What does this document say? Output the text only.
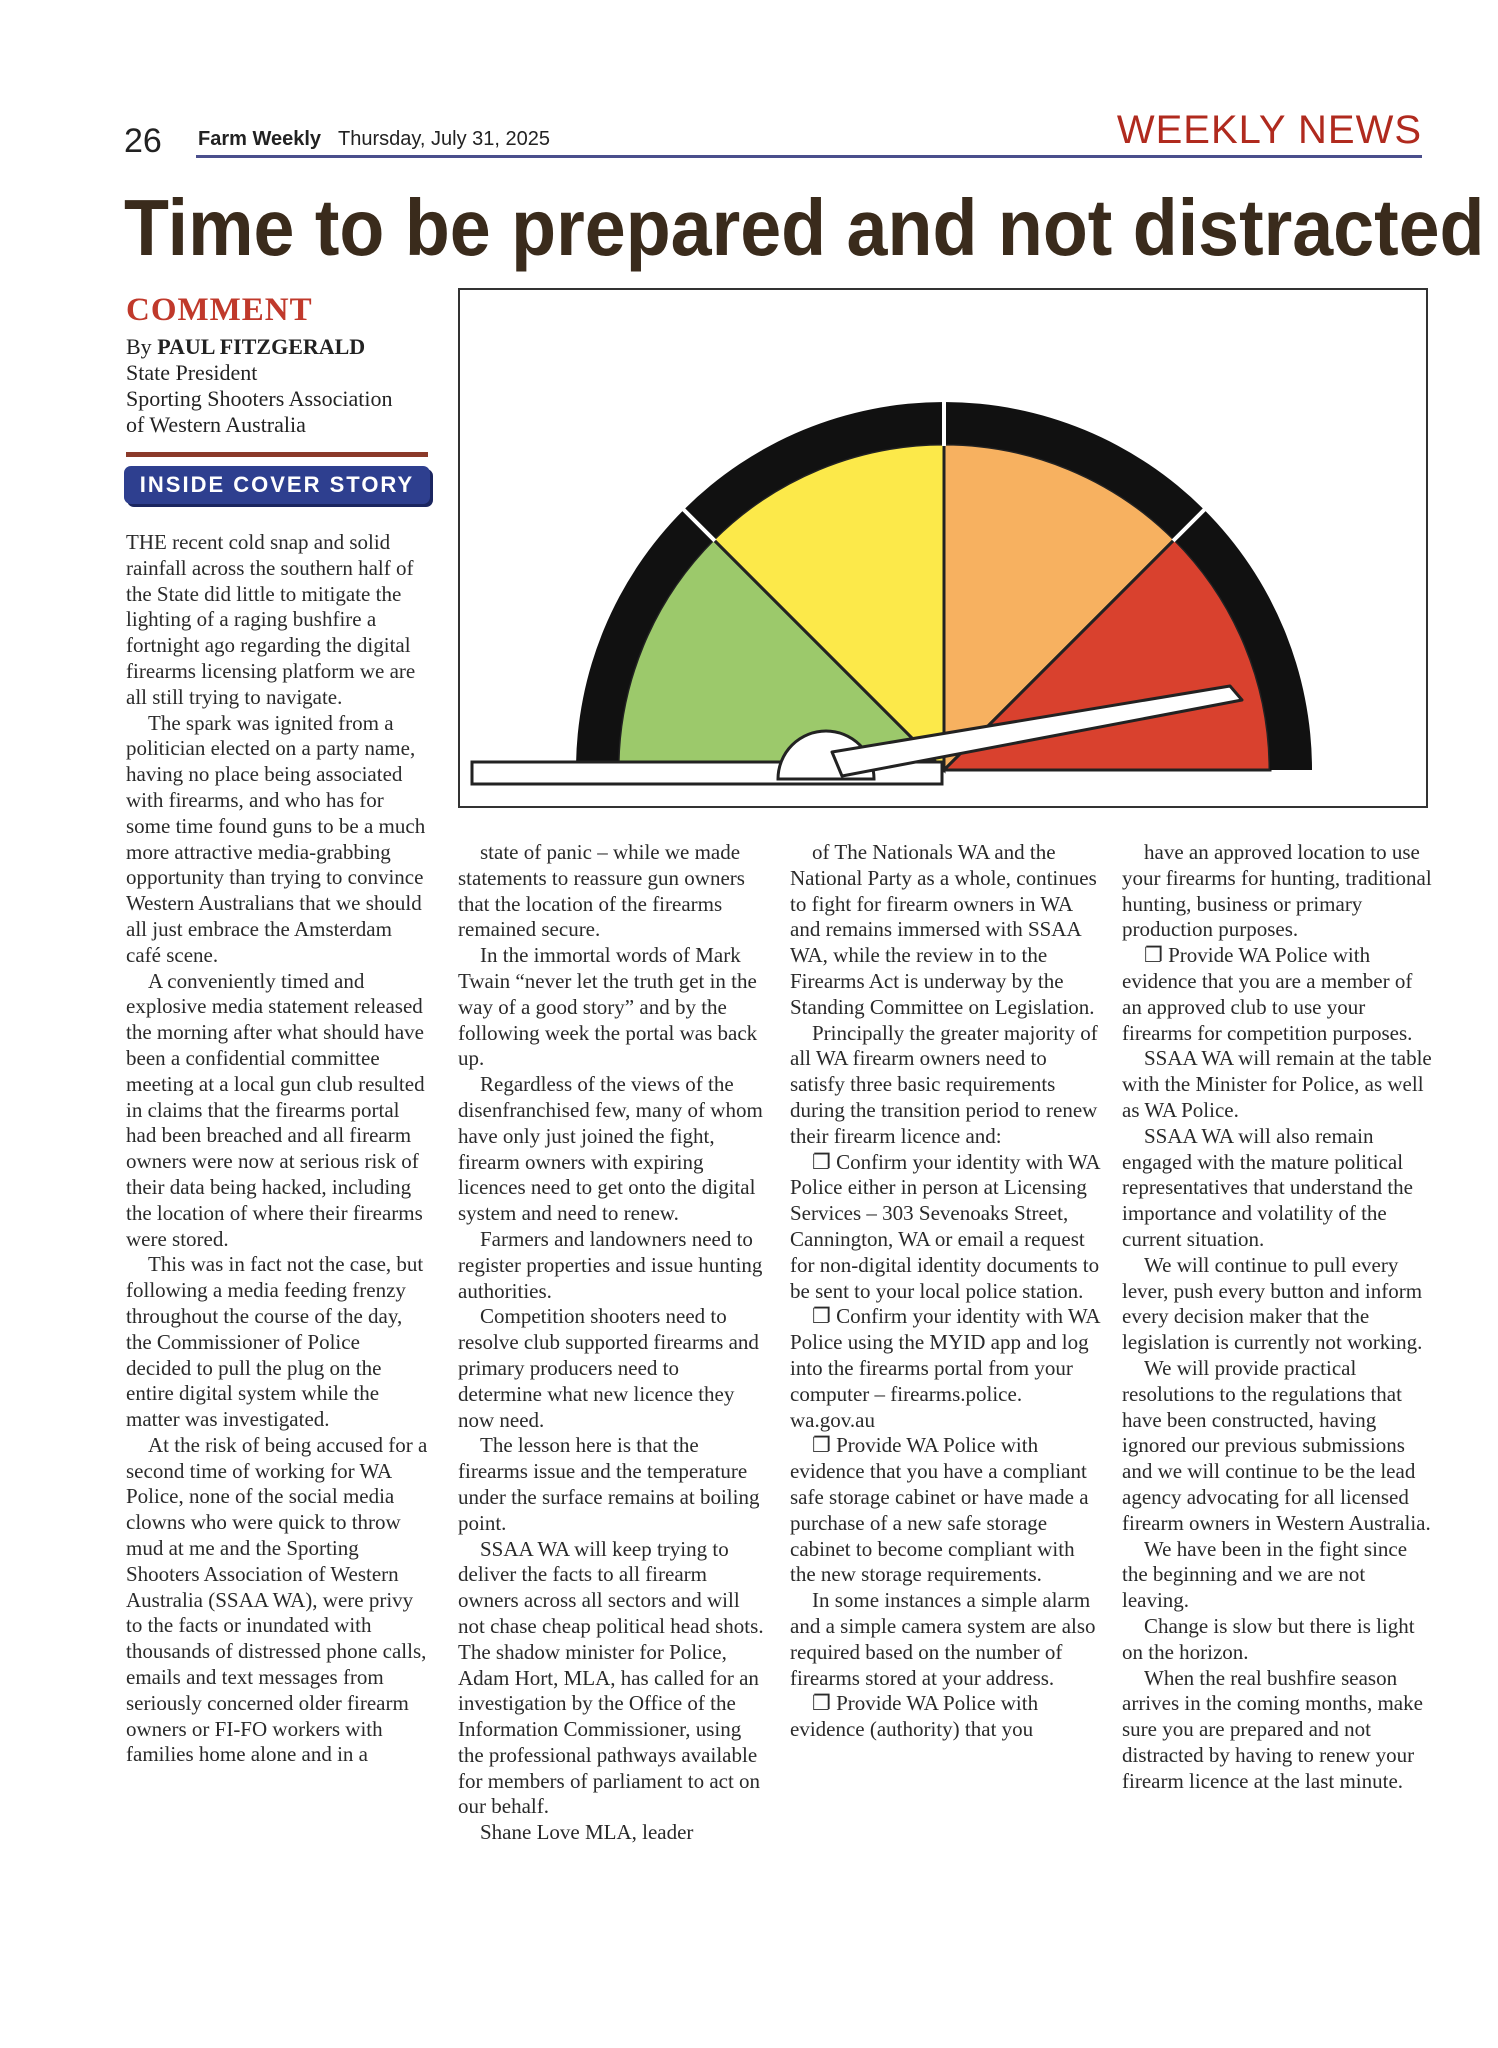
26 Farm Weekly Thursday, July 31, 2025	WEEKLY NEWS
Time to be prepared and not distracted
COMMENT
By PAUL FITZGERALD
State President
Sporting Shooters Association
of Western Australia
INSIDE COVER STORY
MODERATEHIGH	EXTREMECATASTROPHIC

THE recent cold snap and solid rainfall across the southern half of the State did little to mitigate the lighting of a raging bushfire a fortnight ago regarding the digital firearms licensing platform we are all still trying to navigate.

The spark was ignited from a politician elected on a party name, having no place being associated with firearms, and who has for some time found guns to be a much more attractive media-grabbing opportunity than trying to convince Western Australians that we should all just embrace the Amsterdam café scene.

A conveniently timed and explosive media statement released the morning after what should have been a confidential committee meeting at a local gun club resulted in claims that the firearms portal had been breached and all firearm owners were now at serious risk of their data being hacked, including the location of where their firearms were stored.

This was in fact not the case, but following a media feeding frenzy throughout the course of the day, the Commissioner of Police decided to pull the plug on the entire digital system while the matter was investigated.

At the risk of being accused for a second time of working for WA Police, none of the social media clowns who were quick to throw mud at me and the Sporting Shooters Association of Western Australia (SSAA WA), were privy to the facts or inundated with thousands of distressed phone calls, emails and text messages from seriously concerned older firearm owners or FI-FO workers with families home alone and in a

state of panic – while we made statements to reassure gun owners that the location of the firearms remained secure.

In the immortal words of Mark Twain “never let the truth get in the way of a good story” and by the following week the portal was back up.

Regardless of the views of the disenfranchised few, many of whom have only just joined the fight, firearm owners with expiring licences need to get onto the digital system and need to renew.

Farmers and landowners need to register properties and issue hunting authorities.

Competition shooters need to resolve club supported firearms and primary producers need to determine what new licence they now need.

The lesson here is that the firearms issue and the temperature under the surface remains at boiling point.

SSAA WA will keep trying to deliver the facts to all firearm owners across all sectors and will not chase cheap political head shots. The shadow minister for Police, Adam Hort, MLA, has called for an investigation by the Office of the Information Commissioner, using the professional pathways available for members of parliament to act on our behalf.

Shane Love MLA, leader

of The Nationals WA and the National Party as a whole, continues to fight for firearm owners in WA and remains immersed with SSAA WA, while the review in to the Firearms Act is underway by the Standing Committee on Legislation.

Principally the greater majority of all WA firearm owners need to satisfy three basic requirements during the transition period to renew their firearm licence and:

❐ Confirm your identity with WA Police either in person at Licensing Services – 303 Sevenoaks Street, Cannington, WA or email a request for non-digital identity documents to be sent to your local police station.

❐ Confirm your identity with WA Police using the MYID app and log into the firearms portal from your computer – firearms.police. wa.gov.au

❐ Provide WA Police with evidence that you have a compliant safe storage cabinet or have made a purchase of a new safe storage cabinet to become compliant with the new storage requirements.

In some instances a simple alarm and a simple camera system are also required based on the number of firearms stored at your address.

❐ Provide WA Police with evidence (authority) that you

have an approved location to use your firearms for hunting, traditional hunting, business or primary production purposes.

❐ Provide WA Police with evidence that you are a member of an approved club to use your firearms for competition purposes.

SSAA WA will remain at the table with the Minister for Police, as well as WA Police.

SSAA WA will also remain engaged with the mature political representatives that understand the importance and volatility of the current situation.

We will continue to pull every lever, push every button and inform every decision maker that the legislation is currently not working.

We will provide practical resolutions to the regulations that have been constructed, having ignored our previous submissions and we will continue to be the lead agency advocating for all licensed firearm owners in Western Australia.

We have been in the fight since the beginning and we are not leaving.

Change is slow but there is light on the horizon.

When the real bushfire season arrives in the coming months, make sure you are prepared and not distracted by having to renew your firearm licence at the last minute.
